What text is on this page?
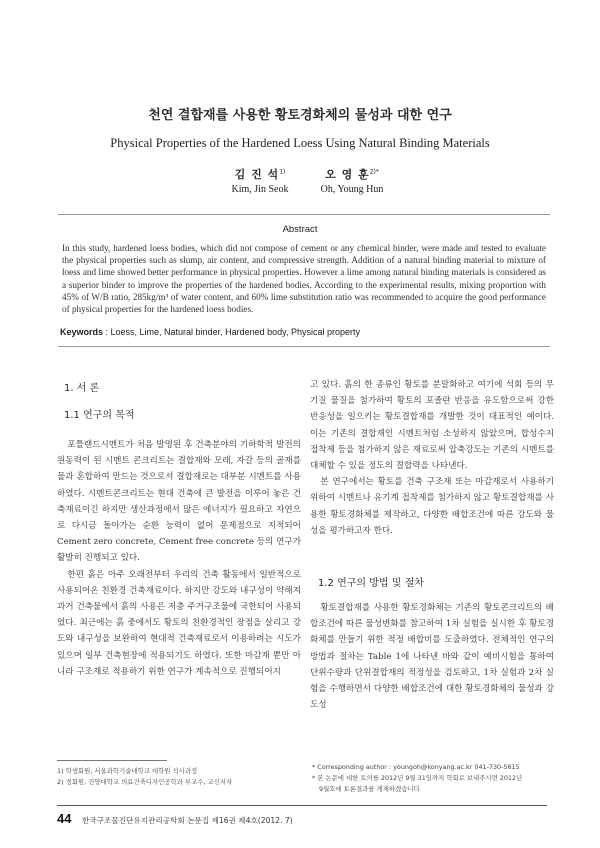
천연 결합재를 사용한 황토경화체의 물성과 대한 연구
Physical Properties of the Hardened Loess Using Natural Binding Materials
김 진 석$^{1)}$
Kim, Jin Seok
오 영 훈$^{2)*}$
Oh, Young Hun
Abstract
In this study, hardened loess bodies, which did not compose of cement or any chemical binder, were made and tested to evaluate the physical properties such as slump, air content, and compressive strength. Addition of a natural binding material to mixture of loess and lime showed better performance in physical properties. However a lime among natural binding materials is considered as a superior binder to improve the properties of the hardened bodies. According to the experimental results, mixing proportion with 45% of W/B ratio, 285kg/m³ of water content, and 60% lime substitution ratio was recommended to acquire the good performance of physical properties for the hardened loess bodies.
Keywords : Loess, Lime, Natural binder, Hardened body, Physical property
1. 서 론
1.1 연구의 목적

포틀랜드시멘트가 처음 발명된 후 건축분야의 기하학적 발전의 원동력이 된 시멘트 콘크리트는 결합재와 모래, 자갈 등의 골재를 물과 혼합하여 만드는 것으로서 결합재로는 대부분 시멘트를 사용하였다. 시멘트콘크리트는 현대 건축에 큰 발전을 이루어 놓은 건축재료이긴 하지만 생산과정에서 많은 에너지가 필요하고 자연으로 다시금 돌아가는 순환 능력이 없어 문제점으로 지적되어 Cement zero concrete, Cement free concrete 등의 연구가 활발히 진행되고 있다.

한편 흙은 아주 오래전부터 우리의 건축 활동에서 일반적으로 사용되어온 친환경 건축재료이다. 하지만 강도와 내구성이 약해져 과거 건축물에서 흙의 사용은 저층 주거구조물에 국한되어 사용되었다. 최근에는 흙 중에서도 황토의 친환경적인 장점을 살리고 강도와 내구성을 보완하여 현대적 건축재료로서 이용하려는 시도가 있으며 일부 건축현장에 적용되기도 하였다. 또한 마감재 뿐만 아니라 구조재로 적용하기 위한 연구가 계속적으로 진행되어지

고 있다. 흙의 한 종류인 황토를 분말화하고 여기에 석회 등의 무기질 물질을 첨가하여 황토의 포졸란 반응을 유도함으로써 강한 반응성을 일으키는 황토결합재를 개발한 것이 대표적인 예이다. 이는 기존의 결합재인 시멘트처럼 소성하지 않았으며, 합성수지 접착제 등을 첨가하지 않은 재료로써 압축강도는 기존의 시멘트를 대체할 수 있을 정도의 결합력을 나타낸다.

본 연구에서는 황토를 건축 구조재 또는 마감재로서 사용하기 위하여 시멘트나 유기계 접착제를 첨가하지 않고 황토결합재를 사용한 황토경화체를 제작하고, 다양한 배합조건에 따른 강도와 물성을 평가하고자 한다.

1.2 연구의 방법 및 절차

황토결합재를 사용한 황토경화체는 기존의 황토콘크리트의 배합조건에 따른 물성변화를 참고하여 1차 실험을 실시한 후 황토경화체를 만들기 위한 적정 배합비를 도출하였다. 전체적인 연구의 방법과 절차는 Table 1에 나타낸 바와 같이 예비시험을 통하여 단위수량과 단위결합재의 적정성을 검토하고, 1차 실험과 2차 실험을 수행하면서 다양한 배합조건에 대한 황토경화체의 물성과 강도성

1) 학생회원, 서울과학기술대학교 대학원 석사과정
2) 정회원, 건양대학교 의료건축디자인공학과 부교수, 교신저자
* Corresponding author : youngoh@konyang.ac.kr 041-730-5615
* 본 논문에 대한 토의를 2012년 9월 31일까지 학회로 보내주시면 2012년
9월호에 토론결과를 게재하겠습니다.
44 한국구조물진단유지관리공학회 논문집 제16권 제4호(2012. 7)
